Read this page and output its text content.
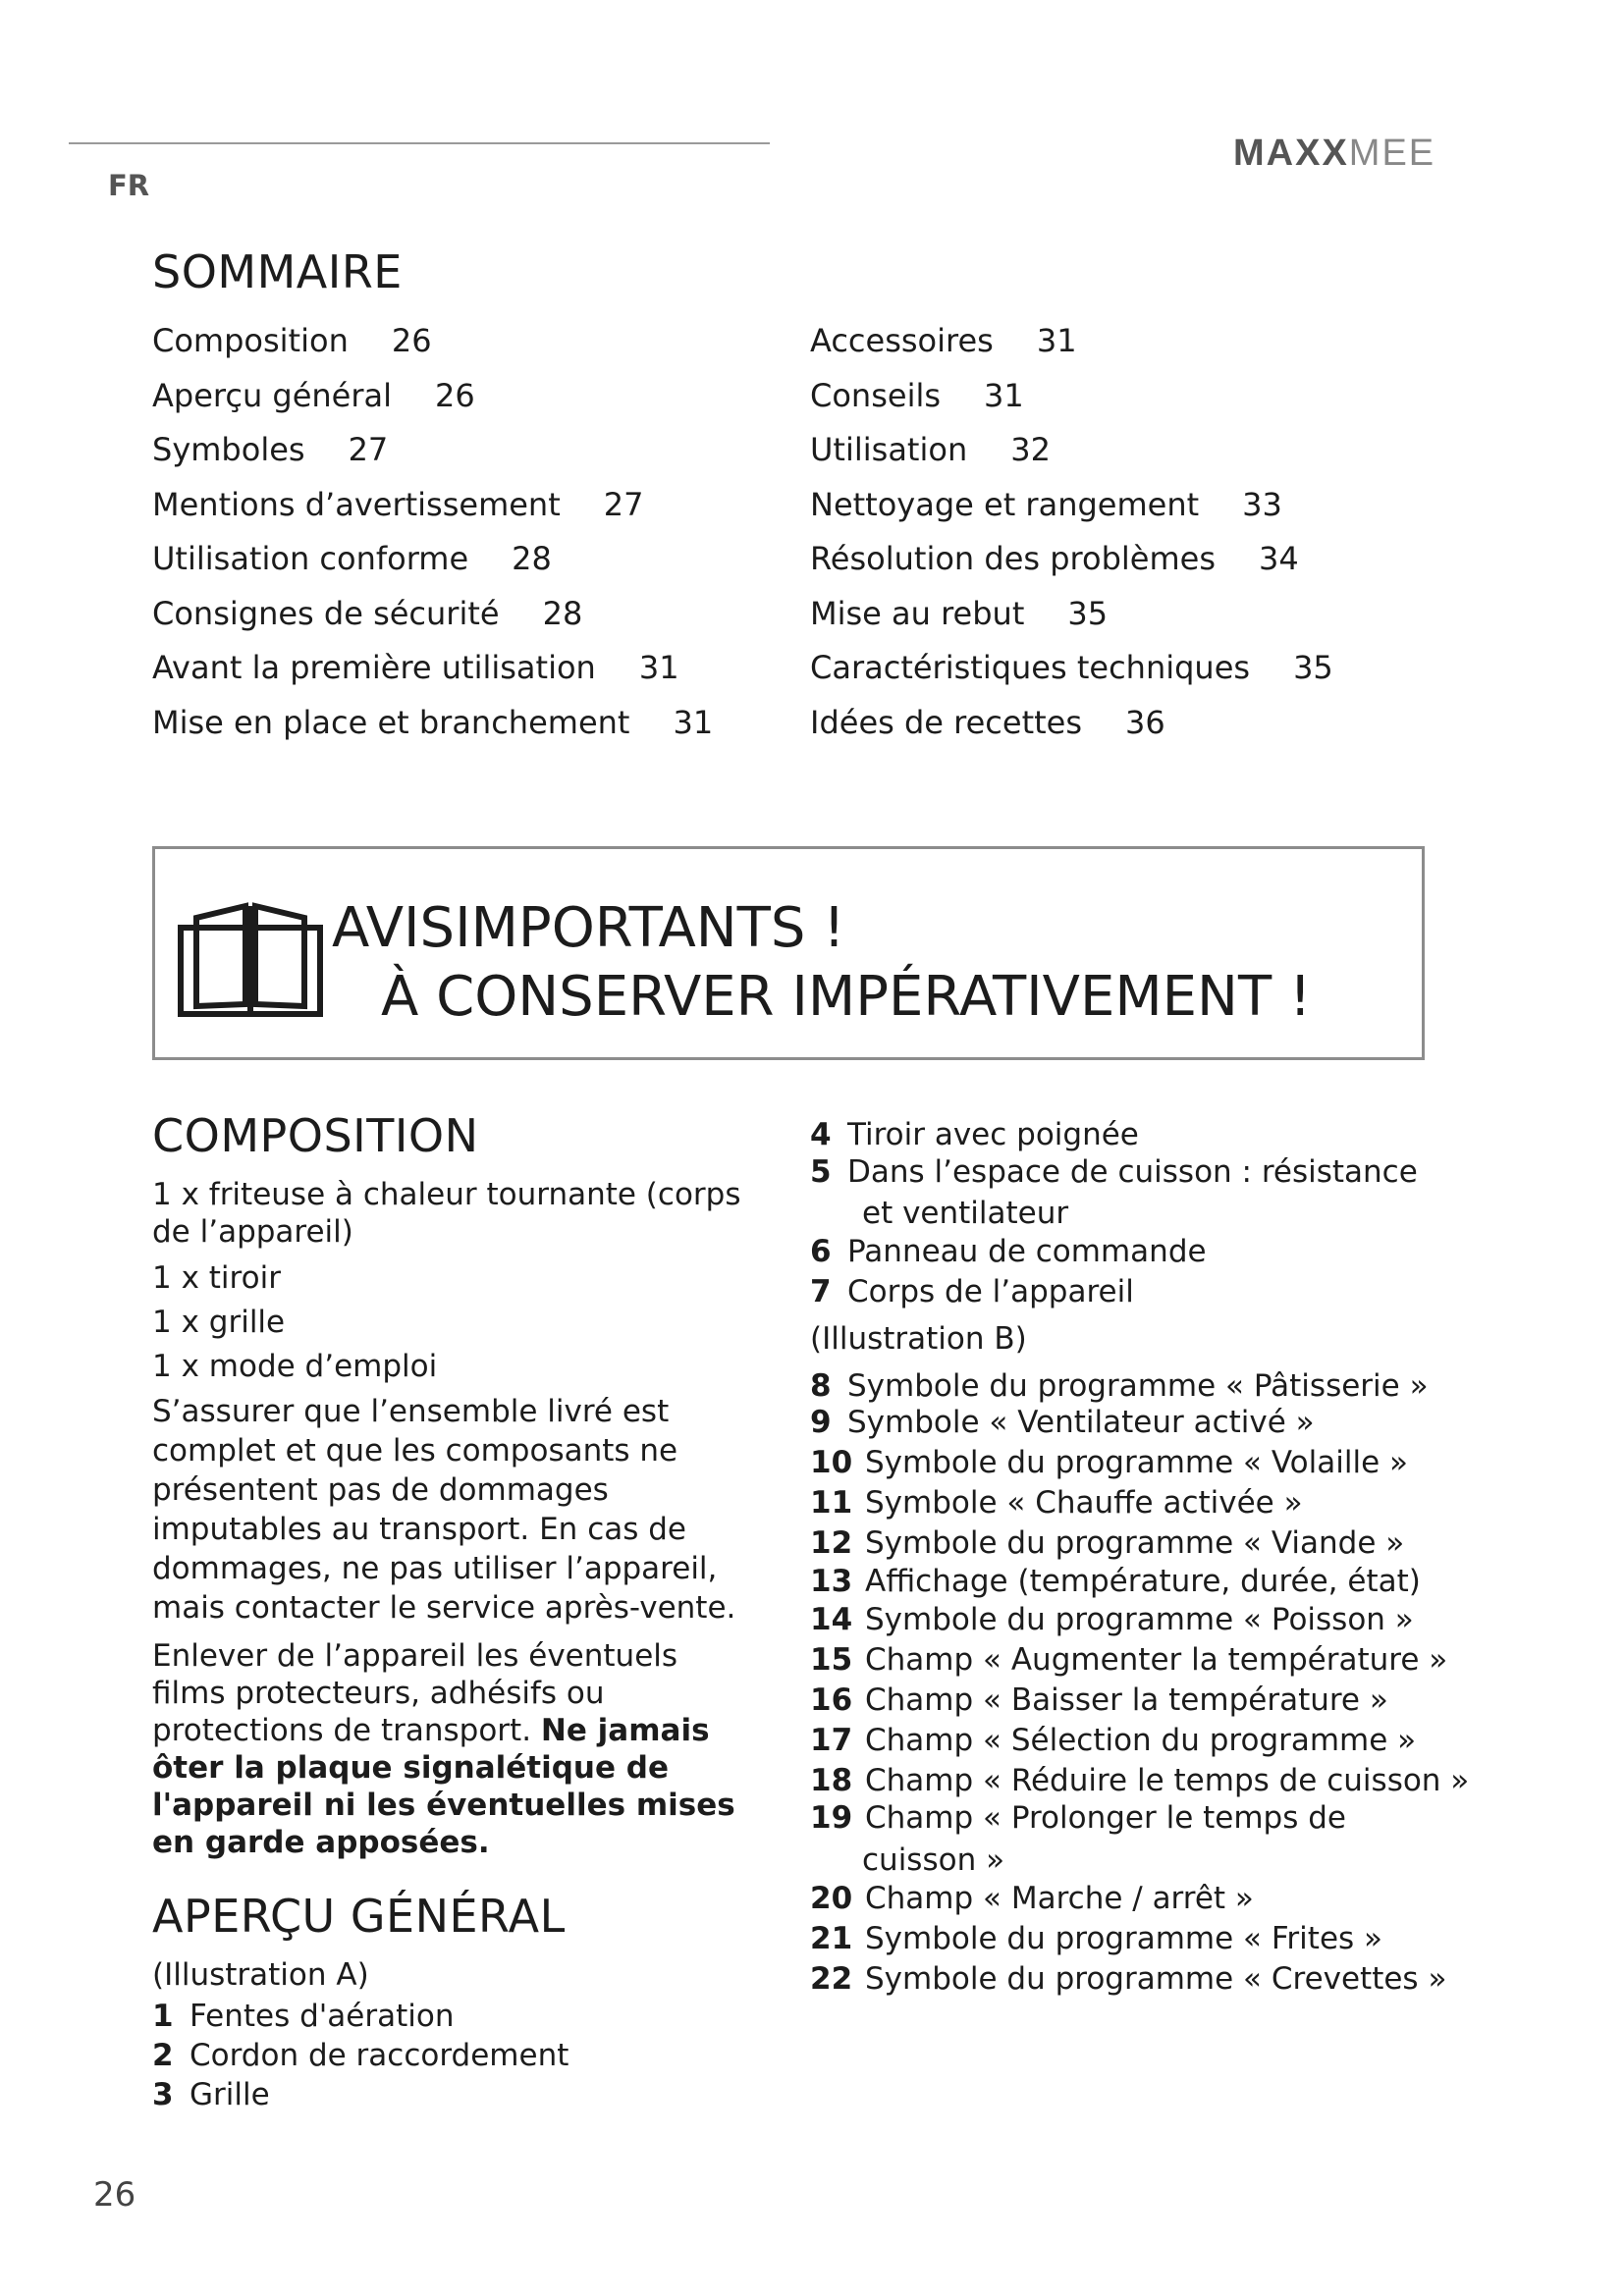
FR
MAXXMEE
SOMMAIRE
Composition 26
Aperçu général 26
Symboles 27
Mentions d’avertissement 27
Utilisation conforme 28
Consignes de sécurité 28
Avant la première utilisation 31
Mise en place et branchement 31
Accessoires 31
Conseils 31
Utilisation 32
Nettoyage et rangement 33
Résolution des problèmes 34
Mise au rebut 35
Caractéristiques techniques 35
Idées de recettes 36
AVISIMPORTANTS !
À CONSERVER IMPÉRATIVEMENT !
COMPOSITION
1 x friteuse à chaleur tournante (corps de l’appareil)
1 x tiroir
1 x grille
1 x mode d’emploi
S’assurer que l’ensemble livré est complet et que les composants ne présentent pas de dommages imputables au transport. En cas de dommages, ne pas utiliser l’appareil, mais contacter le service après-vente.
Enlever de l’appareil les éventuels films protecteurs, adhésifs ou protections de transport. Ne jamais ôter la plaque signalétique de l'appareil ni les éventuelles mises en garde apposées.
APERÇU GÉNÉRAL
(Illustration A)
1 Fentes d'aération
2 Cordon de raccordement
3 Grille
4 Tiroir avec poignée
5 Dans l’espace de cuisson : résistance
et ventilateur
6 Panneau de commande
7 Corps de l’appareil
(Illustration B)
8 Symbole du programme « Pâtisserie »
9 Symbole « Ventilateur activé »
10 Symbole du programme « Volaille »
11 Symbole « Chauffe activée »
12 Symbole du programme « Viande »
13 Affichage (température, durée, état)
14 Symbole du programme « Poisson »
15 Champ « Augmenter la température »
16 Champ « Baisser la température »
17 Champ « Sélection du programme »
18 Champ « Réduire le temps de cuisson »
19 Champ « Prolonger le temps de
cuisson »
20 Champ « Marche / arrêt »
21 Symbole du programme « Frites »
22 Symbole du programme « Crevettes »
26
